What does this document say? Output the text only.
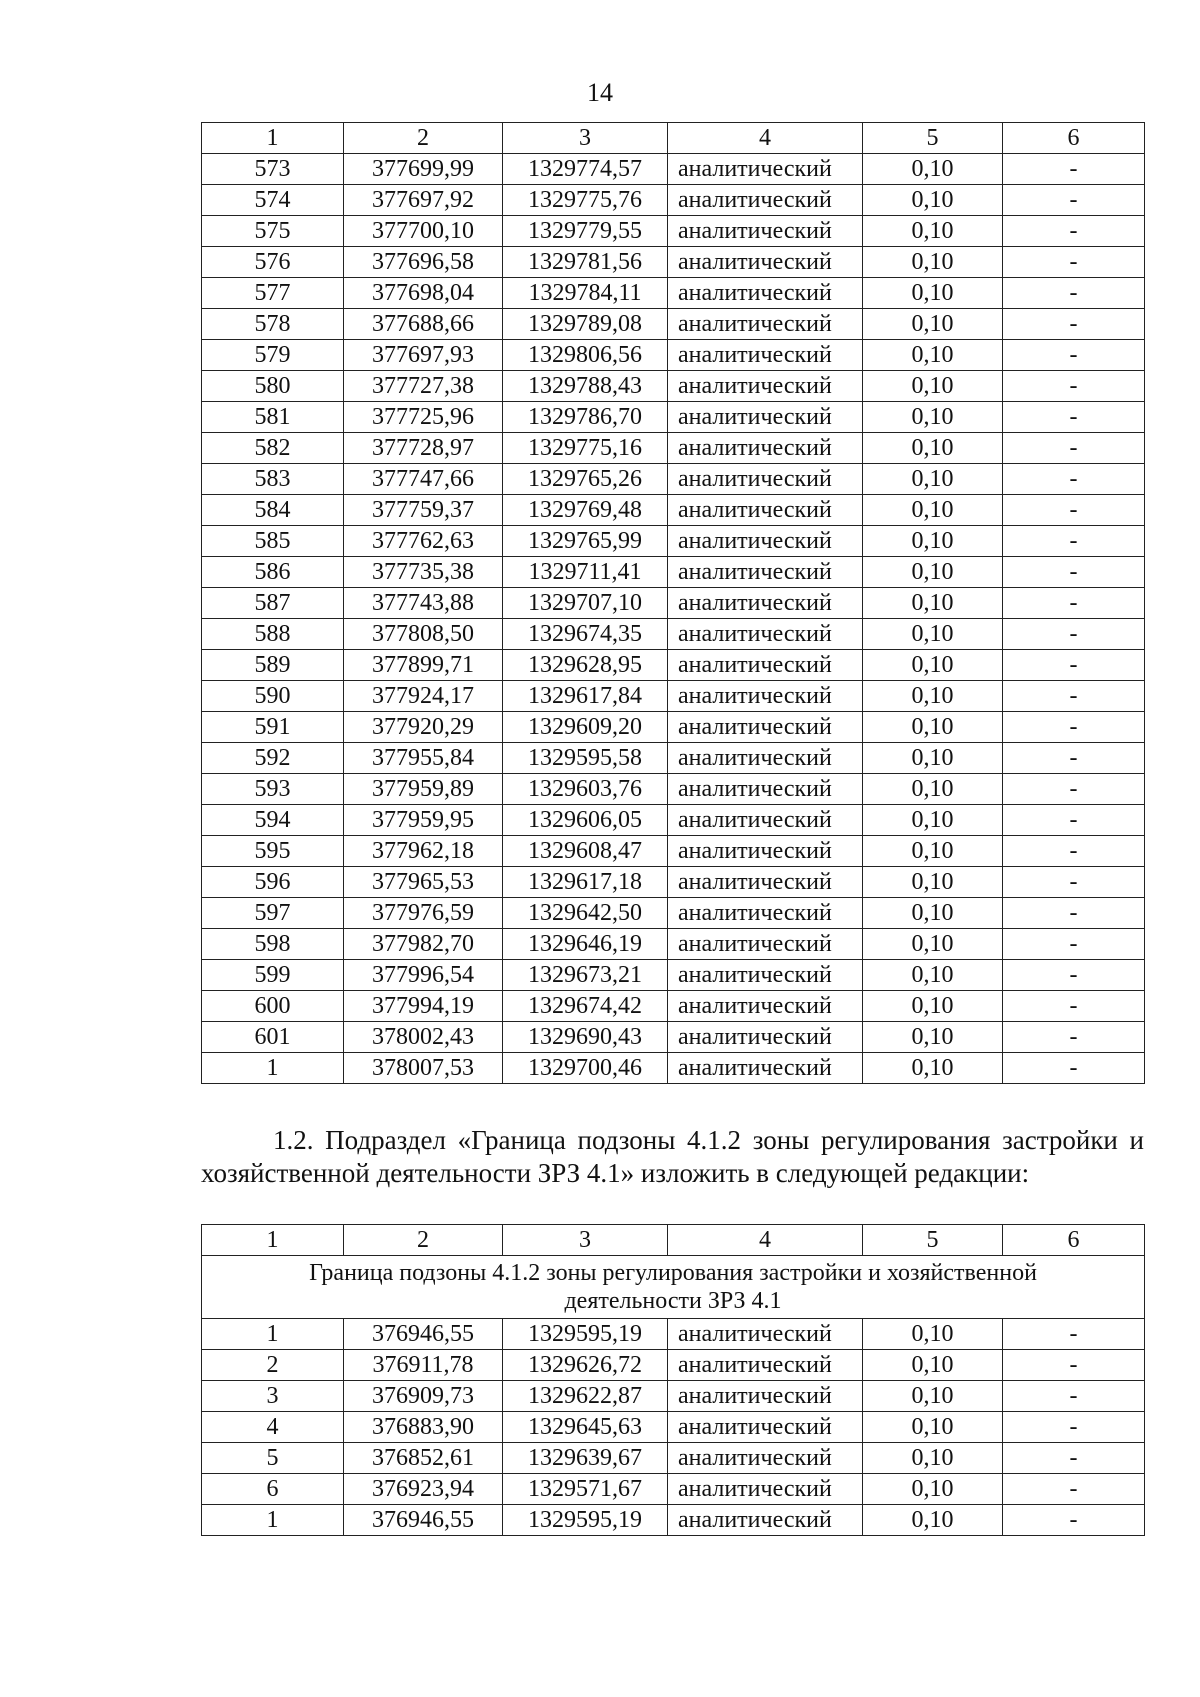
14
1	2	3	4	5	6
573	377699,99	1329774,57	аналитический	0,10	-
574	377697,92	1329775,76	аналитический	0,10	-
575	377700,10	1329779,55	аналитический	0,10	-
576	377696,58	1329781,56	аналитический	0,10	-
577	377698,04	1329784,11	аналитический	0,10	-
578	377688,66	1329789,08	аналитический	0,10	-
579	377697,93	1329806,56	аналитический	0,10	-
580	377727,38	1329788,43	аналитический	0,10	-
581	377725,96	1329786,70	аналитический	0,10	-
582	377728,97	1329775,16	аналитический	0,10	-
583	377747,66	1329765,26	аналитический	0,10	-
584	377759,37	1329769,48	аналитический	0,10	-
585	377762,63	1329765,99	аналитический	0,10	-
586	377735,38	1329711,41	аналитический	0,10	-
587	377743,88	1329707,10	аналитический	0,10	-
588	377808,50	1329674,35	аналитический	0,10	-
589	377899,71	1329628,95	аналитический	0,10	-
590	377924,17	1329617,84	аналитический	0,10	-
591	377920,29	1329609,20	аналитический	0,10	-
592	377955,84	1329595,58	аналитический	0,10	-
593	377959,89	1329603,76	аналитический	0,10	-
594	377959,95	1329606,05	аналитический	0,10	-
595	377962,18	1329608,47	аналитический	0,10	-
596	377965,53	1329617,18	аналитический	0,10	-
597	377976,59	1329642,50	аналитический	0,10	-
598	377982,70	1329646,19	аналитический	0,10	-
599	377996,54	1329673,21	аналитический	0,10	-
600	377994,19	1329674,42	аналитический	0,10	-
601	378002,43	1329690,43	аналитический	0,10	-
1	378007,53	1329700,46	аналитический	0,10	-
1.2. Подраздел «Граница подзоны 4.1.2 зоны регулирования застройки и хозяйственной деятельности ЗРЗ 4.1» изложить в следующей редакции:
1	2	3	4	5	6
Граница подзоны 4.1.2 зоны регулирования застройки и хозяйственной деятельности ЗРЗ 4.1					
1	376946,55	1329595,19	аналитический	0,10	-
2	376911,78	1329626,72	аналитический	0,10	-
3	376909,73	1329622,87	аналитический	0,10	-
4	376883,90	1329645,63	аналитический	0,10	-
5	376852,61	1329639,67	аналитический	0,10	-
6	376923,94	1329571,67	аналитический	0,10	-
1	376946,55	1329595,19	аналитический	0,10	-
